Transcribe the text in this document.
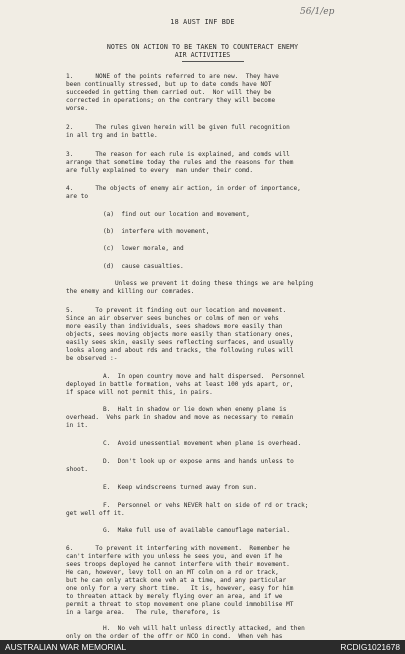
56/1/ep
18 AUST INF BDE
NOTES ON ACTION TO BE TAKEN TO COUNTERACT ENEMY
AIR ACTIVITIES
1.      NONE of the points referred to are new.  They have
been continually stressed, but up to date comds have NOT
succeeded in getting them carried out.  Nor will they be
corrected in operations; on the contrary they will become
worse.
2.      The rules given herein will be given full recognition
in all trg and in battle.
3.      The reason for each rule is explained, and comds will
arrange that sometime today the rules and the reasons for them
are fully explained to every  man under their comd.
4.      The objects of enemy air action, in order of importance,
are to
(a)  find out our location and movement,
(b)  interfere with movement,
(c)  lower morale, and
(d)  cause casualties.
Unless we prevent it doing these things we are helping
the enemy and killing our comrades.
5.      To prevent it finding out our location and movement.
Since an air observer sees bunches or colms of men or vehs
more easily than individuals, sees shadows more easily than
objects, sees moving objects more easily than stationary ones,
easily sees skin, easily sees reflecting surfaces, and usually
looks along and about rds and tracks, the following rules will
be observed :-
A.  In open country move and halt dispersed.  Personnel
deployed in battle formation, vehs at least 100 yds apart, or,
if space will not permit this, in pairs.
B.  Halt in shadow or lie down when enemy plane is
overhead.  Vehs park in shadow and move as necessary to remain
in it.
C.  Avoid unessential movement when plane is overhead.
D.  Don't look up or expose arms and hands unless to
shoot.
E.  Keep windscreens turned away from sun.
F.  Personnel or vehs NEVER halt on side of rd or track;
get well off it.
G.  Make full use of available camouflage material.
6.      To prevent it interfering with movement.  Remember he
can't interfere with you unless he sees you, and even if he
sees troops deployed he cannot interfere with their movement.
He can, however, levy toll on an MT colm on a rd or track,
but he can only attack one veh at a time, and any particular
one only for a very short time.   It is, however, easy for him
to threaten attack by merely flying over an area, and if we
permit a threat to stop movement one plane could immobilise MT
in a large area.   The rule, therefore, is
H.  No veh will halt unless directly attacked, and then
only on the order of the offr or NCO in comd.  When veh has
AUSTRALIAN WAR MEMORIAL	RCDIG1021678
